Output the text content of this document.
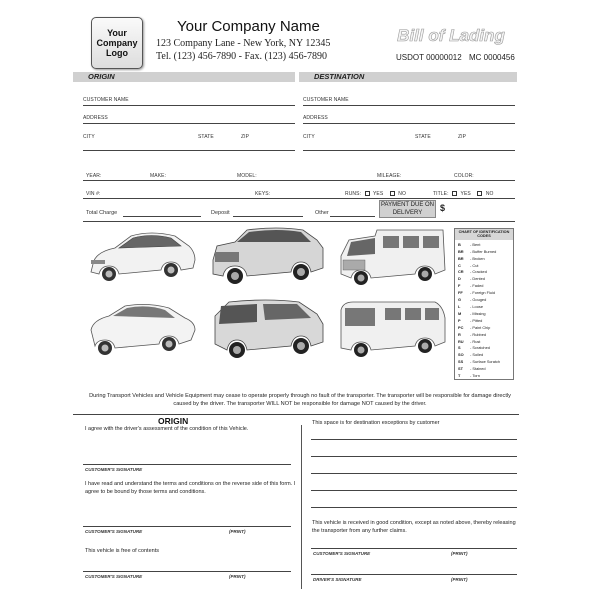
Your Company Logo
Your Company Name
123 Company Lane - New York, NY 12345
Tel. (123) 456-7890 - Fax. (123) 456-7890
Bill of Lading
USDOT 00000012 MC 0000456
ORIGIN	DESTINATION
CUSTOMER NAME
ADDRESS
CITY	STATE	ZIP
CUSTOMER NAME
ADDRESS
CITY	STATE	ZIP
YEAR:	MAKE:	MODEL:	MILEAGE:	COLOR:
VIN #:	KEYS:	RUNS: YES	NO	TITLE: YES	NO
Total Charge	Deposit	Other
PAYMENT DUE ON DELIVERY	$
CHART OF IDENTIFICATION CODES
B - Bent
BR - Buffer Burned
BR - Broken
C - Cut
CR - Cracked
D - Dented
F - Faded
FF - Foreign Fluid
G - Gouged
L - Loose
M - Missing
P - Pitted
PC - Paint Chip
R - Rubbed
RU - Rust
S - Scratched
SO - Soiled
SS - Surface Scratch
ST - Stained
T - Torn
During Transport Vehicles and Vehicle Equipment may cease to operate properly through no fault of the transporter. The transporter will be responsible for damage directly caused by the driver. The transporter WILL NOT be responsible for damage NOT caused by the driver.
ORIGIN
I agree with the driver's assessment of the condition of this Vehicle.
CUSTOMER'S SIGNATURE
I have read and understand the terms and conditions on the reverse side of this form. I agree to be bound by those terms and conditions.
CUSTOMER'S SIGNATURE	(PRINT)
This vehicle is free of contents
CUSTOMER'S SIGNATURE	(PRINT)
This space is for destination exceptions by customer
This vehicle is received in good condition, except as noted above, thereby releasing the transporter from any further claims.
CUSTOMER'S SIGNATURE	(PRINT)
DRIVER'S SIGNATURE	(PRINT)
